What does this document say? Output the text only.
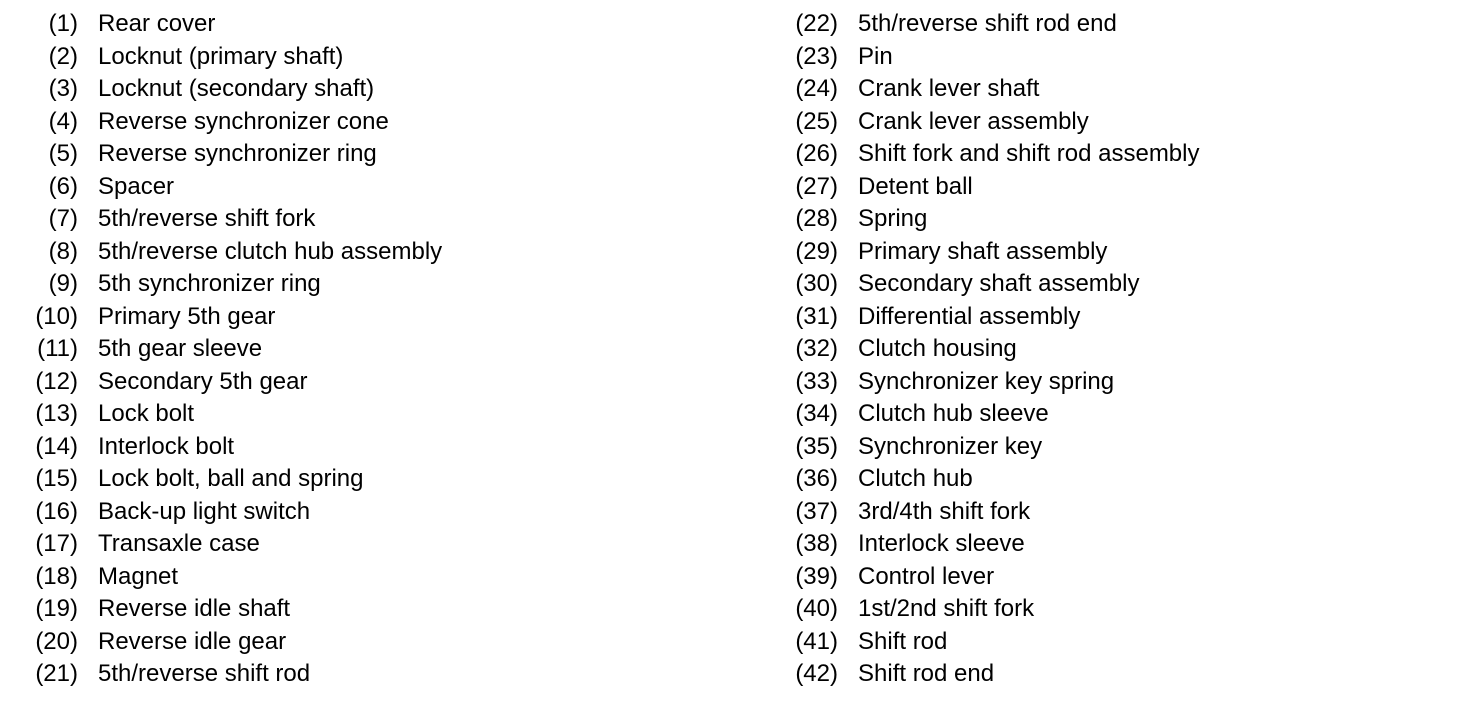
(1) Rear cover
(2) Locknut (primary shaft)
(3) Locknut (secondary shaft)
(4) Reverse synchronizer cone
(5) Reverse synchronizer ring
(6) Spacer
(7) 5th/reverse shift fork
(8) 5th/reverse clutch hub assembly
(9) 5th synchronizer ring
(10) Primary 5th gear
(11) 5th gear sleeve
(12) Secondary 5th gear
(13) Lock bolt
(14) Interlock bolt
(15) Lock bolt, ball and spring
(16) Back-up light switch
(17) Transaxle case
(18) Magnet
(19) Reverse idle shaft
(20) Reverse idle gear
(21) 5th/reverse shift rod
(22) 5th/reverse shift rod end
(23) Pin
(24) Crank lever shaft
(25) Crank lever assembly
(26) Shift fork and shift rod assembly
(27) Detent ball
(28) Spring
(29) Primary shaft assembly
(30) Secondary shaft assembly
(31) Differential assembly
(32) Clutch housing
(33) Synchronizer key spring
(34) Clutch hub sleeve
(35) Synchronizer key
(36) Clutch hub
(37) 3rd/4th shift fork
(38) Interlock sleeve
(39) Control lever
(40) 1st/2nd shift fork
(41) Shift rod
(42) Shift rod end
